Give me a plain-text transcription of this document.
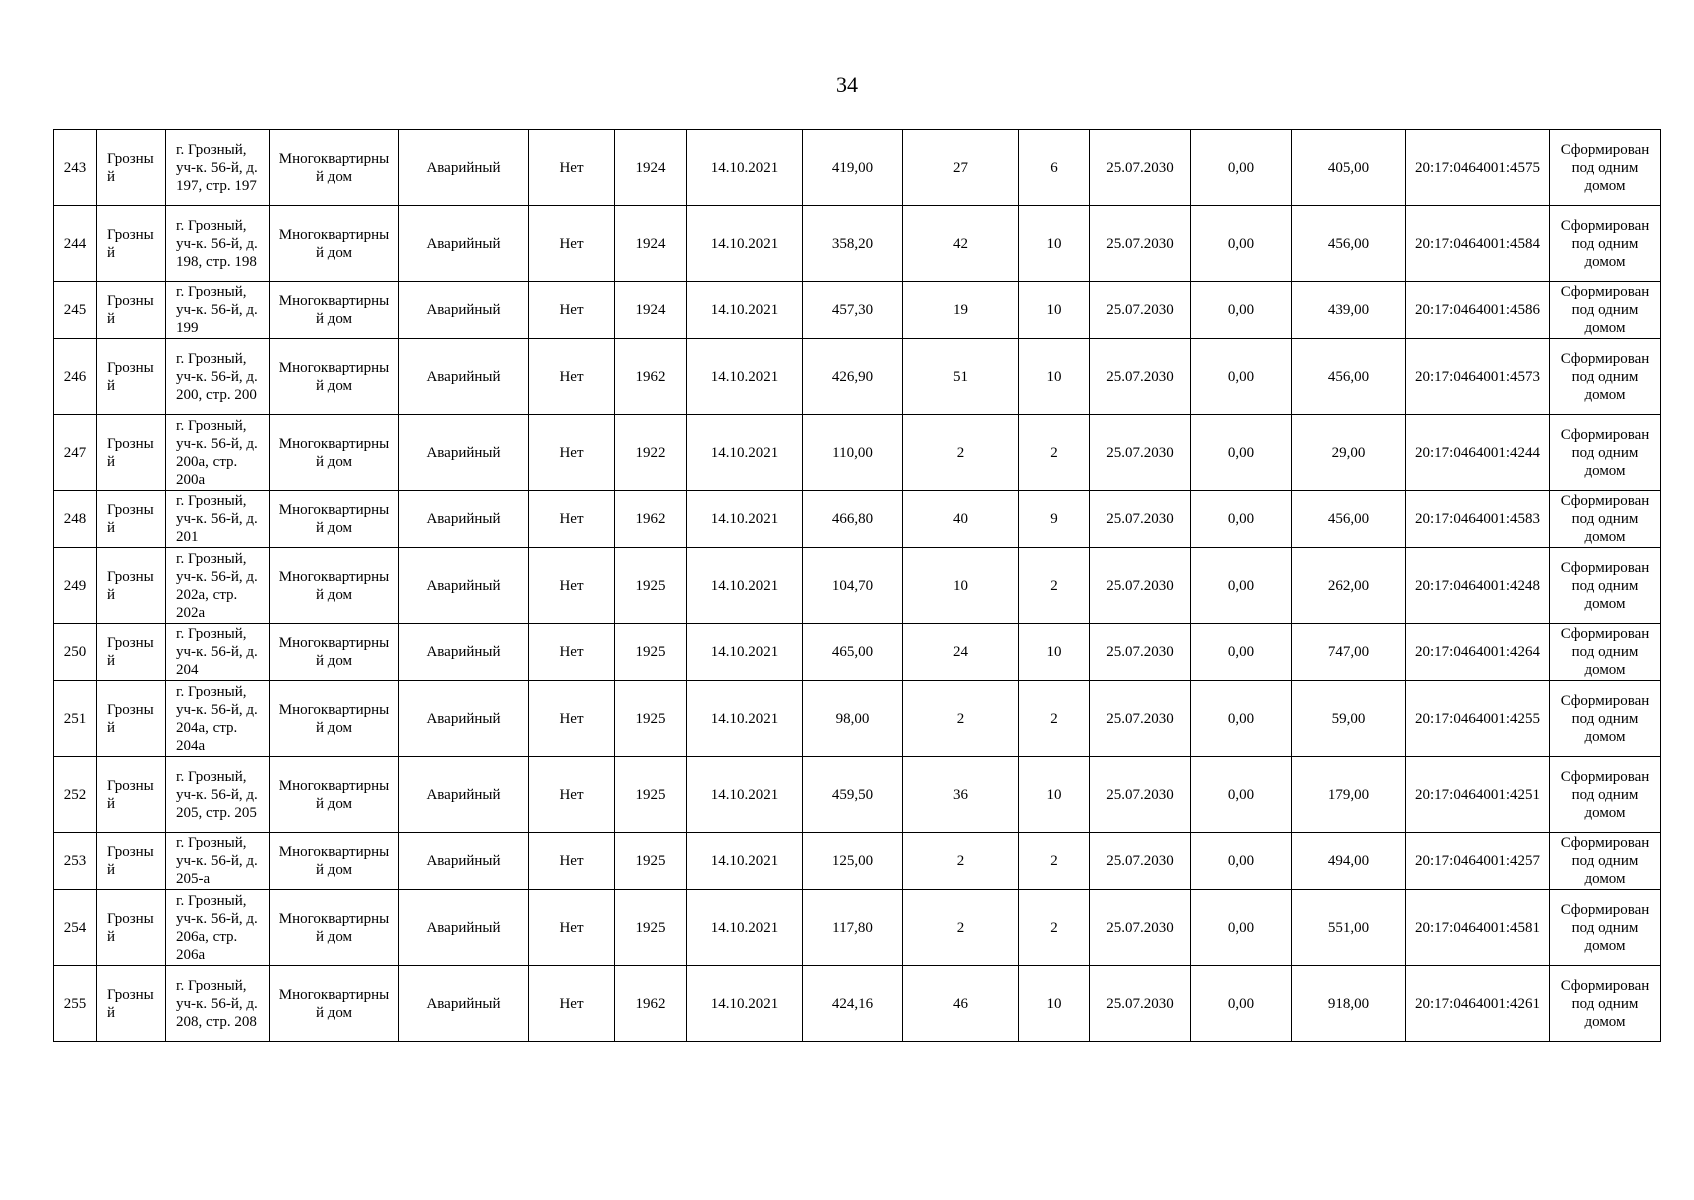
34
243	Грозный	г. Грозный, уч-к. 56-й, д. 197, стр. 197	Многоквартирный дом	Аварийный	Нет	1924	14.10.2021	419,00	27	6	25.07.2030	0,00	405,00	20:17:0464001:4575	Сформирован под одним домом
244	Грозный	г. Грозный, уч-к. 56-й, д. 198, стр. 198	Многоквартирный дом	Аварийный	Нет	1924	14.10.2021	358,20	42	10	25.07.2030	0,00	456,00	20:17:0464001:4584	Сформирован под одним домом
245	Грозный	г. Грозный, уч-к. 56-й, д. 199	Многоквартирный дом	Аварийный	Нет	1924	14.10.2021	457,30	19	10	25.07.2030	0,00	439,00	20:17:0464001:4586	Сформирован под одним домом
246	Грозный	г. Грозный, уч-к. 56-й, д. 200, стр. 200	Многоквартирный дом	Аварийный	Нет	1962	14.10.2021	426,90	51	10	25.07.2030	0,00	456,00	20:17:0464001:4573	Сформирован под одним домом
247	Грозный	г. Грозный, уч-к. 56-й, д. 200а, стр. 200а	Многоквартирный дом	Аварийный	Нет	1922	14.10.2021	110,00	2	2	25.07.2030	0,00	29,00	20:17:0464001:4244	Сформирован под одним домом
248	Грозный	г. Грозный, уч-к. 56-й, д. 201	Многоквартирный дом	Аварийный	Нет	1962	14.10.2021	466,80	40	9	25.07.2030	0,00	456,00	20:17:0464001:4583	Сформирован под одним домом
249	Грозный	г. Грозный, уч-к. 56-й, д. 202а, стр. 202а	Многоквартирный дом	Аварийный	Нет	1925	14.10.2021	104,70	10	2	25.07.2030	0,00	262,00	20:17:0464001:4248	Сформирован под одним домом
250	Грозный	г. Грозный, уч-к. 56-й, д. 204	Многоквартирный дом	Аварийный	Нет	1925	14.10.2021	465,00	24	10	25.07.2030	0,00	747,00	20:17:0464001:4264	Сформирован под одним домом
251	Грозный	г. Грозный, уч-к. 56-й, д. 204а, стр. 204а	Многоквартирный дом	Аварийный	Нет	1925	14.10.2021	98,00	2	2	25.07.2030	0,00	59,00	20:17:0464001:4255	Сформирован под одним домом
252	Грозный	г. Грозный, уч-к. 56-й, д. 205, стр. 205	Многоквартирный дом	Аварийный	Нет	1925	14.10.2021	459,50	36	10	25.07.2030	0,00	179,00	20:17:0464001:4251	Сформирован под одним домом
253	Грозный	г. Грозный, уч-к. 56-й, д. 205-а	Многоквартирный дом	Аварийный	Нет	1925	14.10.2021	125,00	2	2	25.07.2030	0,00	494,00	20:17:0464001:4257	Сформирован под одним домом
254	Грозный	г. Грозный, уч-к. 56-й, д. 206а, стр. 206а	Многоквартирный дом	Аварийный	Нет	1925	14.10.2021	117,80	2	2	25.07.2030	0,00	551,00	20:17:0464001:4581	Сформирован под одним домом
255	Грозный	г. Грозный, уч-к. 56-й, д. 208, стр. 208	Многоквартирный дом	Аварийный	Нет	1962	14.10.2021	424,16	46	10	25.07.2030	0,00	918,00	20:17:0464001:4261	Сформирован под одним домом
